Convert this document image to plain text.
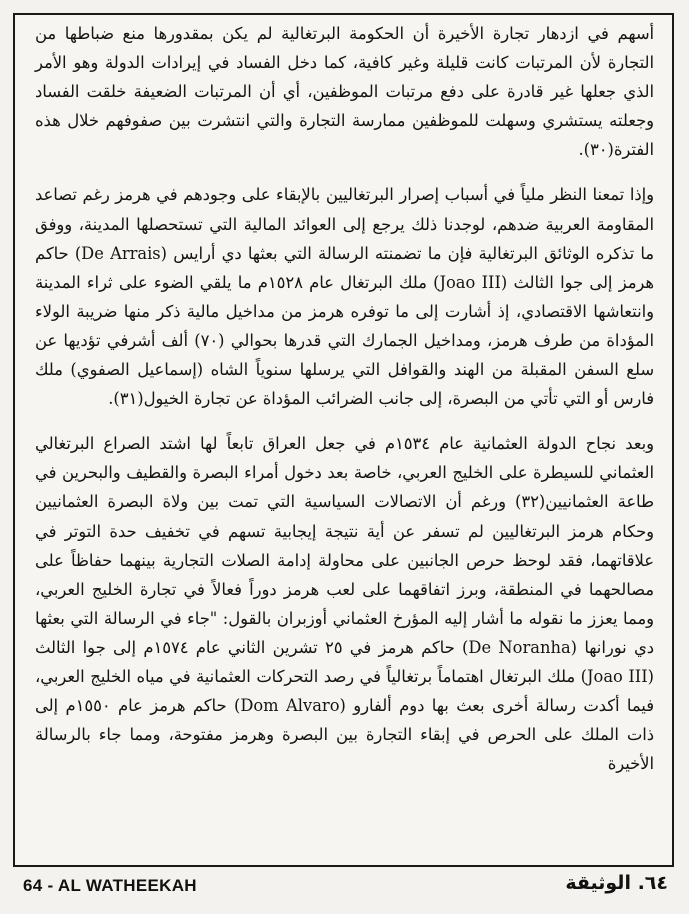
أسهم في ازدهار تجارة الأخيرة أن الحكومة البرتغالية لم يكن بمقدورها منع ضباطها من التجارة لأن المرتبات كانت قليلة وغير كافية، كما دخل الفساد في إيرادات الدولة وهو الأمر الذي جعلها غير قادرة على دفع مرتبات الموظفين، أي أن المرتبات الضعيفة خلقت الفساد وجعلته يستشري وسهلت للموظفين ممارسة التجارة والتي انتشرت بين صفوفهم خلال هذه الفترة(٣٠).

وإذا تمعنا النظر ملياً في أسباب إصرار البرتغاليين بالإبقاء على وجودهم في هرمز رغم تصاعد المقاومة العربية ضدهم، لوجدنا ذلك يرجع إلى العوائد المالية التي تستحصلها المدينة، ووفق ما تذكره الوثائق البرتغالية فإن ما تضمنته الرسالة التي بعثها دي أرايس (De Arrais) حاكم هرمز إلى جوا الثالث (Joao III) ملك البرتغال عام ١٥٢٨م ما يلقي الضوء على ثراء المدينة وانتعاشها الاقتصادي، إذ أشارت إلى ما توفره هرمز من مداخيل مالية ذكر منها ضريبة الولاء المؤداة من طرف هرمز، ومداخيل الجمارك التي قدرها بحوالي (٧٠) ألف أشرفي تؤديها عن سلع السفن المقبلة من الهند والقوافل التي يرسلها سنوياً الشاه (إسماعيل الصفوي) ملك فارس أو التي تأتي من البصرة، إلى جانب الضرائب المؤداة عن تجارة الخيول(٣١).

وبعد نجاح الدولة العثمانية عام ١٥٣٤م في جعل العراق تابعاً لها اشتد الصراع البرتغالي العثماني للسيطرة على الخليج العربي، خاصة بعد دخول أمراء البصرة والقطيف والبحرين في طاعة العثمانيين(٣٢) ورغم أن الاتصالات السياسية التي تمت بين ولاة البصرة العثمانيين وحكام هرمز البرتغاليين لم تسفر عن أية نتيجة إيجابية تسهم في تخفيف حدة التوتر في علاقاتهما، فقد لوحظ حرص الجانبين على محاولة إدامة الصلات التجارية بينهما حفاظاً على مصالحهما في المنطقة، وبرز اتفاقهما على لعب هرمز دوراً فعالاً في تجارة الخليج العربي، ومما يعزز ما نقوله ما أشار إليه المؤرخ العثماني أوزبران بالقول: "جاء في الرسالة التي بعثها دي نورانها (De Noranha) حاكم هرمز في ٢٥ تشرين الثاني عام ١٥٧٤م إلى جوا الثالث (Joao III) ملك البرتغال اهتماماً برتغالياً في رصد التحركات العثمانية في مياه الخليج العربي، فيما أكدت رسالة أخرى بعث بها دوم ألفارو (Dom Alvaro) حاكم هرمز عام ١٥٥٠م إلى ذات الملك على الحرص في إبقاء التجارة بين البصرة وهرمز مفتوحة، ومما جاء بالرسالة الأخيرة

64 - AL WATHEEKAH	٦٤. الوثيقة
